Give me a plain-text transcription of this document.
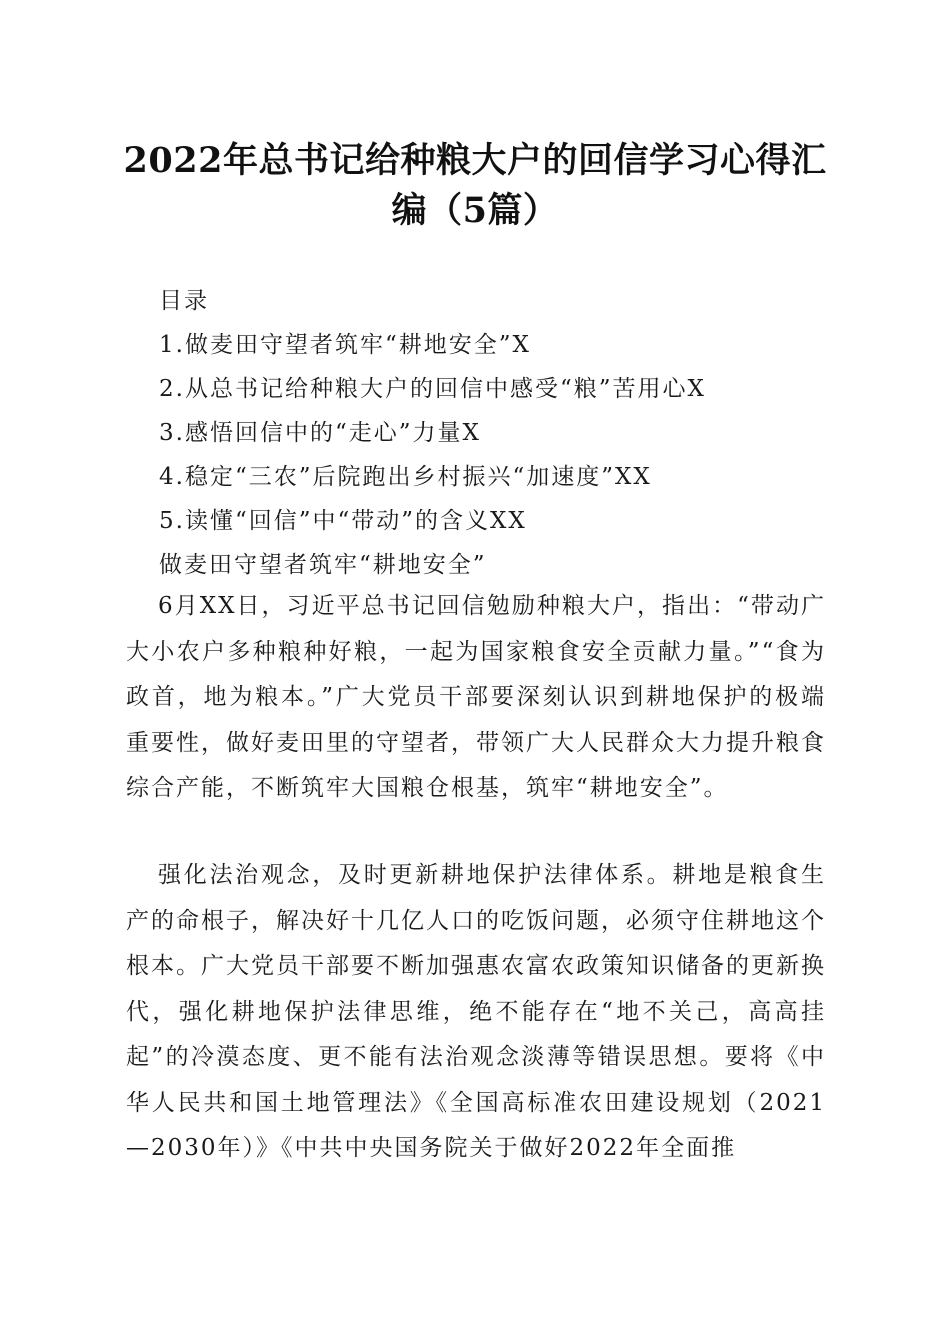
2022年总书记给种粮大户的回信学习心得汇编（5篇）
目录
1.做麦田守望者筑牢“耕地安全”X
2.从总书记给种粮大户的回信中感受“粮”苦用心X
3.感悟回信中的“走心”力量X
4.稳定“三农”后院跑出乡村振兴“加速度”XX
5.读懂“回信”中“带动”的含义XX
做麦田守望者筑牢“耕地安全”

6月XX日，习近平总书记回信勉励种粮大户，指出：“带动广大小农户多种粮种好粮，一起为国家粮食安全贡献力量。”“食为政首，地为粮本。”广大党员干部要深刻认识到耕地保护的极端重要性，做好麦田里的守望者，带领广大人民群众大力提升粮食综合产能，不断筑牢大国粮仓根基，筑牢“耕地安全”。

强化法治观念，及时更新耕地保护法律体系。耕地是粮食生产的命根子，解决好十几亿人口的吃饭问题，必须守住耕地这个根本。广大党员干部要不断加强惠农富农政策知识储备的更新换代，强化耕地保护法律思维，绝不能存在“地不关己，高高挂起”的冷漠态度、更不能有法治观念淡薄等错误思想。要将《中华人民共和国土地管理法》《全国高标准农田建设规划（2021—2030年）》《中共中央国务院关于做好2022年全面推
